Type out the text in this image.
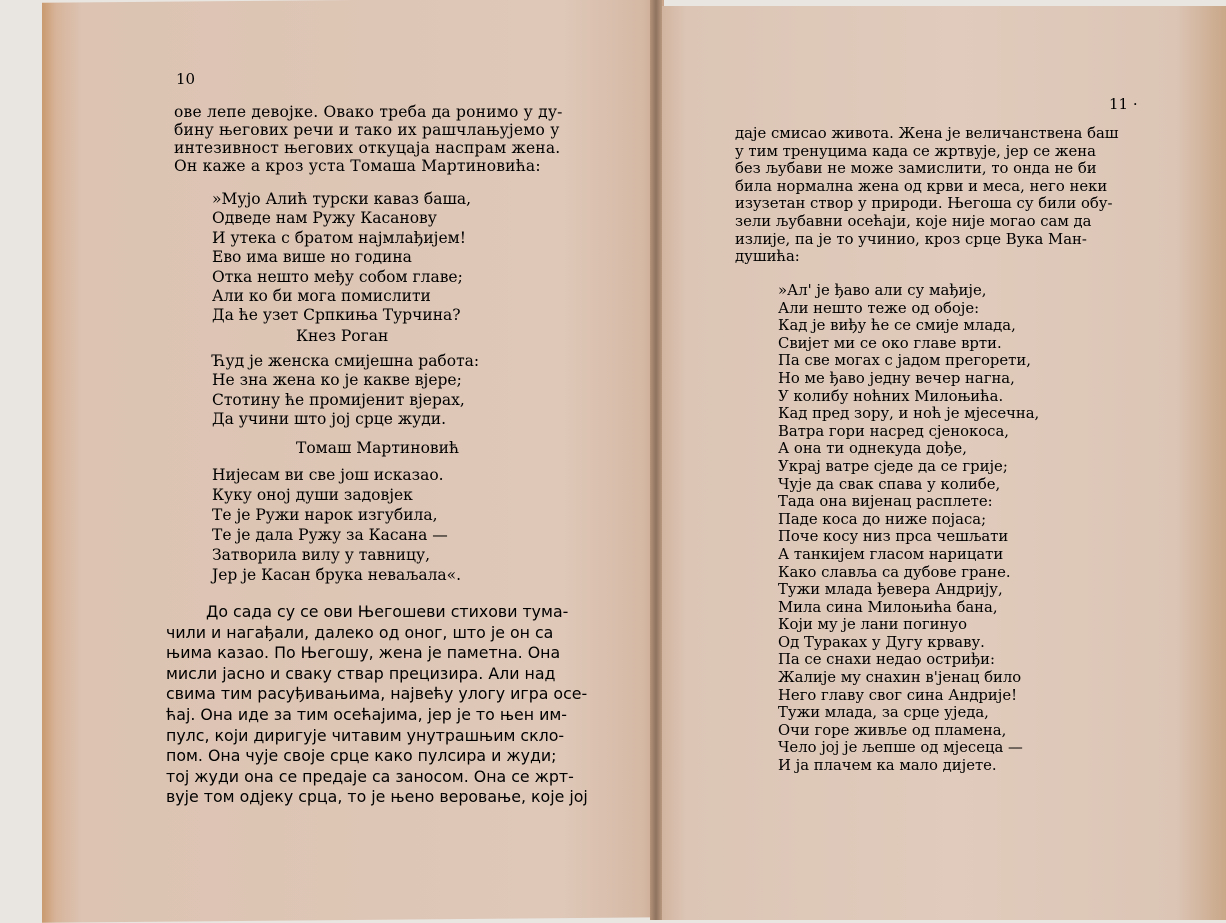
10
11 ·
ове лепе девојке. Овако треба да ронимо у ду-
бину његових речи и тако их рашчлањујемо у
интезивност његових откуцаја наспрам жена.
Он каже а кроз уста Томаша Мартиновића:
»Мујо Алић турски каваз баша,
Одведе нам Ружу Касанову
И утека с братом најмлађијем!
Ево има више но година
Отка нешто међу собом главе;
Али ко би мога помислити
Да ће узет Српкиња Турчина?
Кнез Роган
Ћуд је женска смијешна работа:
Не зна жена ко је какве вјере;
Стотину ће промијенит вјерах,
Да учини што јој срце жуди.
Томаш Мартиновић
Нијесам ви све још исказао.
Куку оној души задовјек
Те је Ружи нарок изгубила,
Те је дала Ружу за Касана —
Затворила вилу у тавницу,
Јер је Касан брука неваљала«.
До сада су се ови Његошеви стихови тума-
чили и нагађали, далеко од оног, што је он са
њима казао. По Његошу, жена је паметна. Она
мисли јасно и сваку ствар прецизира. Али над
свима тим расуђивањима, највећу улогу игра осе-
ћај. Она иде за тим осећајима, јер је то њен им-
пулс, који диригује читавим унутрашњим скло-
пом. Она чује своје срце како пулсира и жуди;
тој жуди она се предаје са заносом. Она се жрт-
вује том одјеку срца, то је њено веровање, које јој
даје смисао живота. Жена је величанствена баш
у тим тренуцима када се жртвује, јер се жена
без љубави не може замислити, то онда не би
била нормална жена од крви и меса, него неки
изузетан створ у природи. Његоша су били обу-
зели љубавни осећаји, које није могао сам да
излије, па је то учинио, кроз срце Вука Ман-
душића:
»Ал' је ђаво али су мађије,
Али нешто теже од обоје:
Кад је виђу ће се смије млада,
Свијет ми се око главе врти.
Па све могах с јадом прегорети,
Но ме ђаво једну вечер нагна,
У колибу ноћних Милоњића.
Кад пред зору, и ноћ је мјесечна,
Ватра гори насред сјенокоса,
А она ти однекуда дође,
Украј ватре сједе да се грије;
Чује да свак спава у колибе,
Тада она вијенац расплете:
Паде коса до ниже појаса;
Поче косу низ прса чешљати
А танкијем гласом нарицати
Како славља са дубове гране.
Тужи млада ђевера Андрију,
Мила сина Милоњића бана,
Који му је лани погинуо
Од Тураках у Дугу крваву.
Па се снахи недао остриђи:
Жалије му снахин в'јенац било
Него главу свог сина Андрије!
Тужи млада, за срце уједа,
Очи горе живље од пламена,
Чело јој је љепше од мјесеца —
И ја плачем ка мало дијете.
